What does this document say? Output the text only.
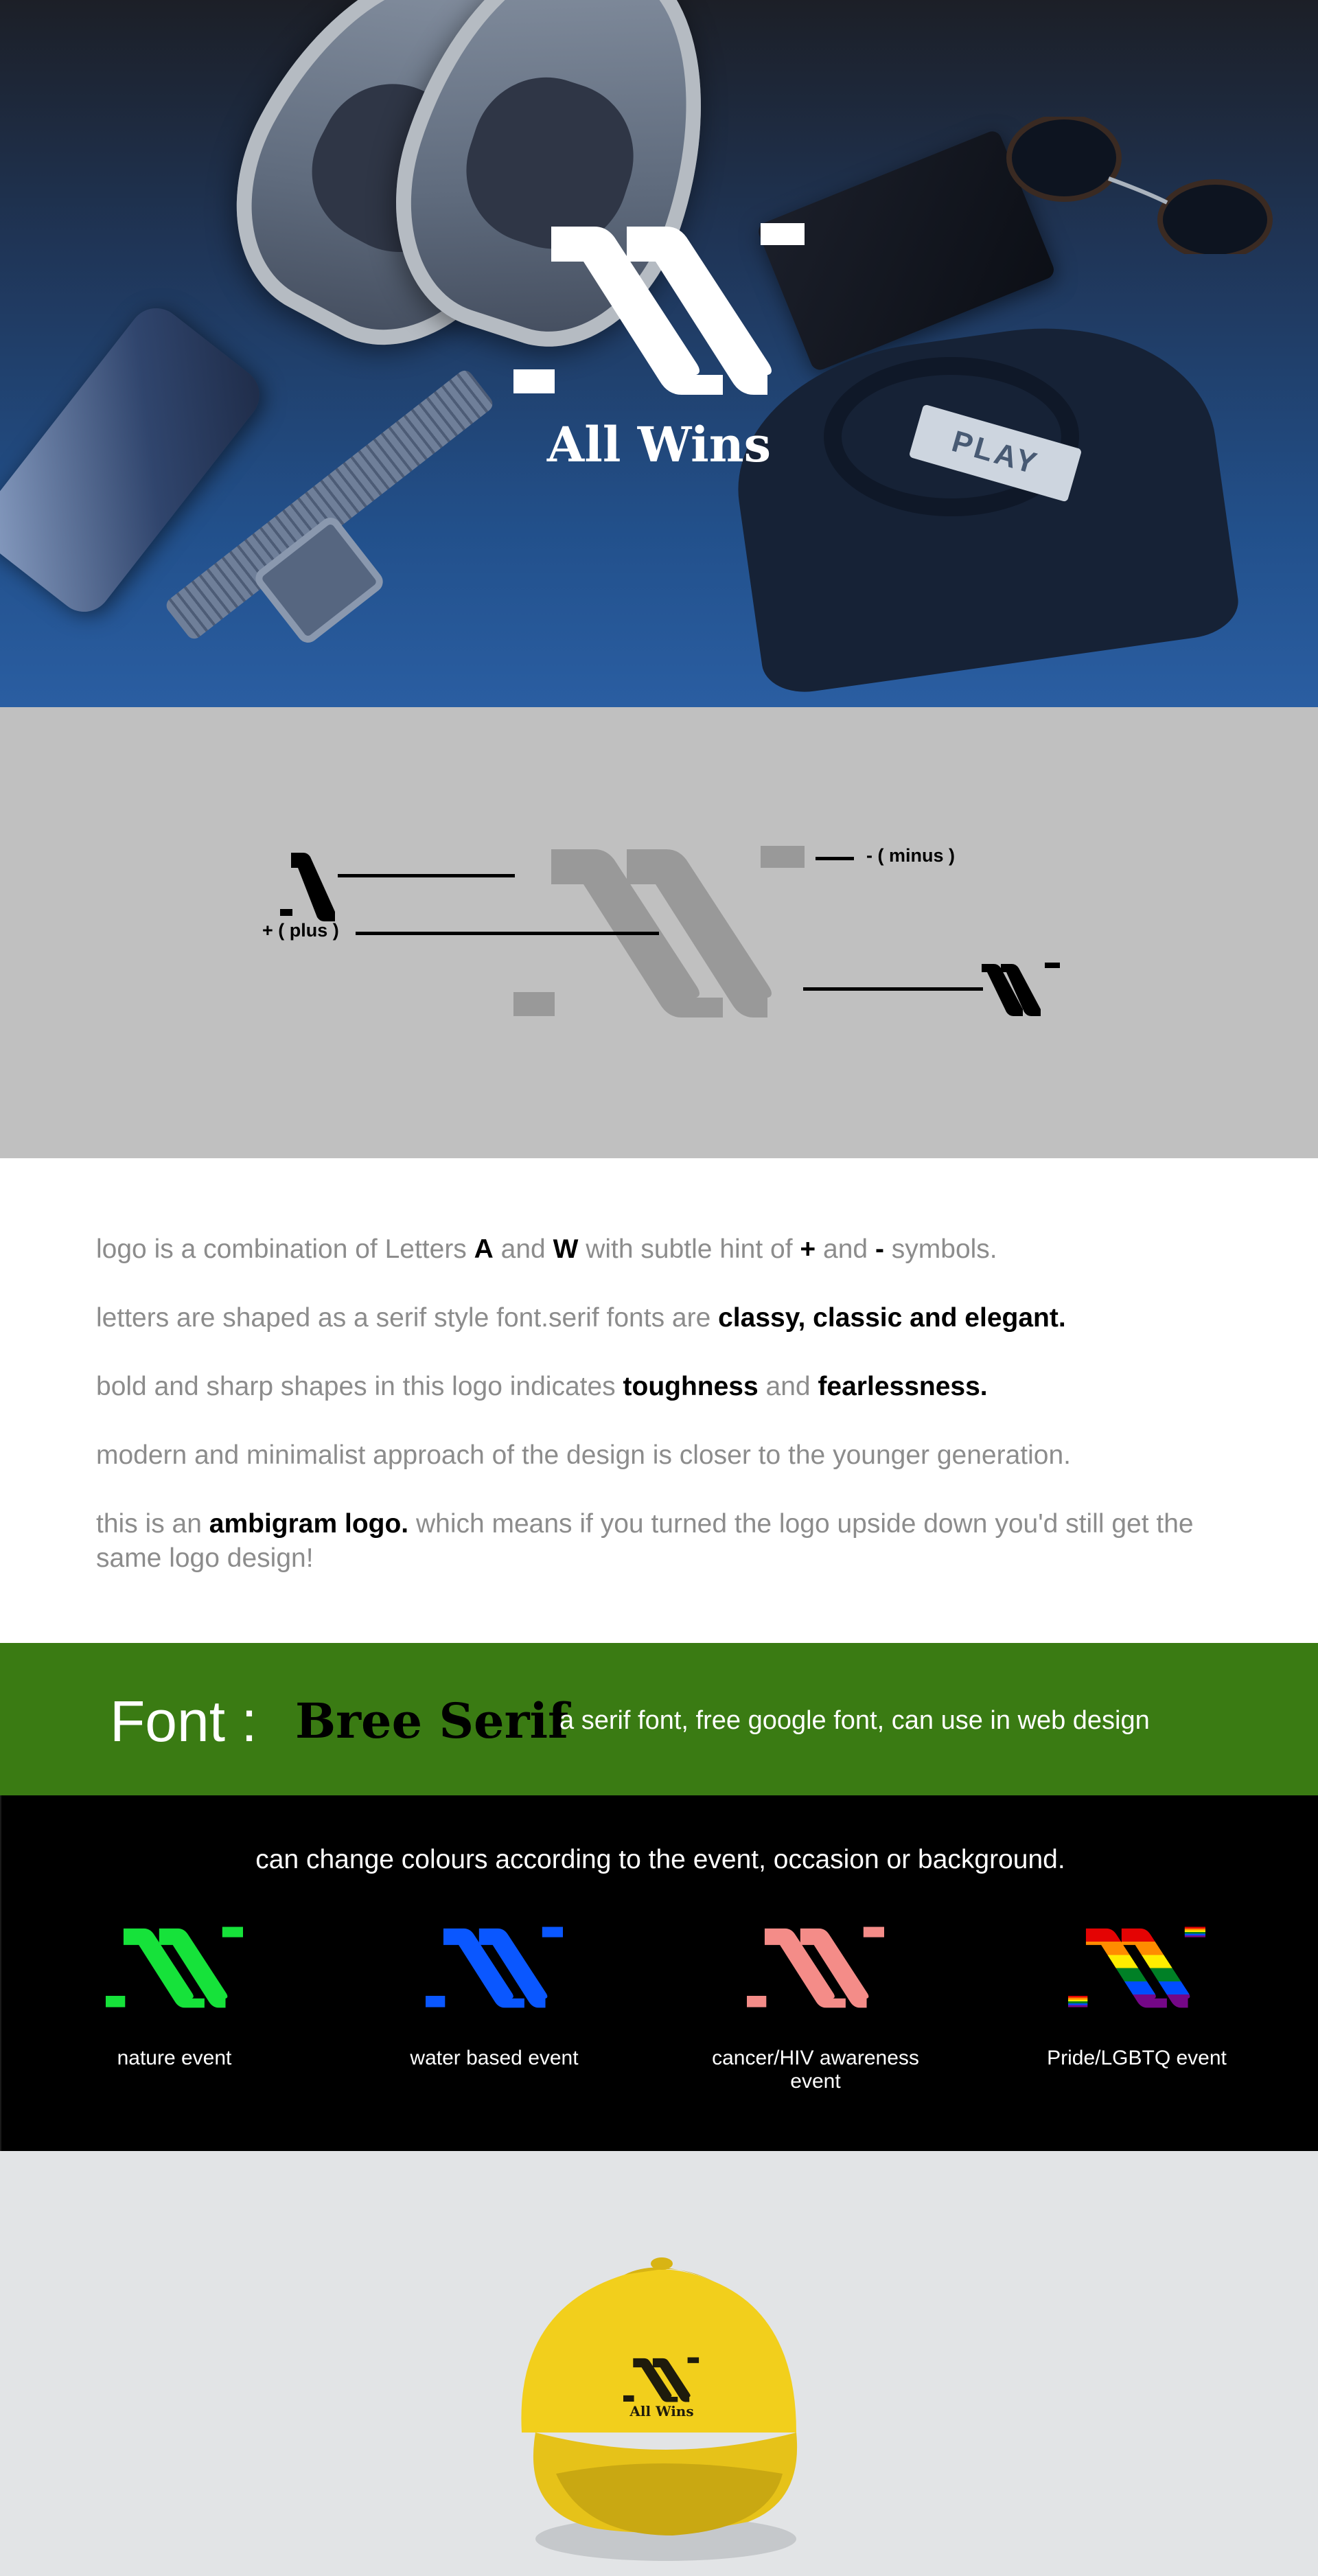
PLAY
All Wins
+ ( plus )
- ( minus )
logo is a combination of Letters A and W with subtle hint of + and - symbols.
letters are shaped as a serif style font.serif fonts are classy, classic and elegant.
bold and sharp shapes in this logo indicates toughness and fearlessness.
modern and minimalist approach of the design is closer to the younger generation.
this is an ambigram logo. which means if you turned the logo upside down you'd still get the same logo design!
Font : Bree Serif
a serif font, free google font, can use in web design
can change colours according to the event, occasion or background.
nature event	water based event	cancer/HIV awareness event
Pride/LGBTQ event
All Wins
